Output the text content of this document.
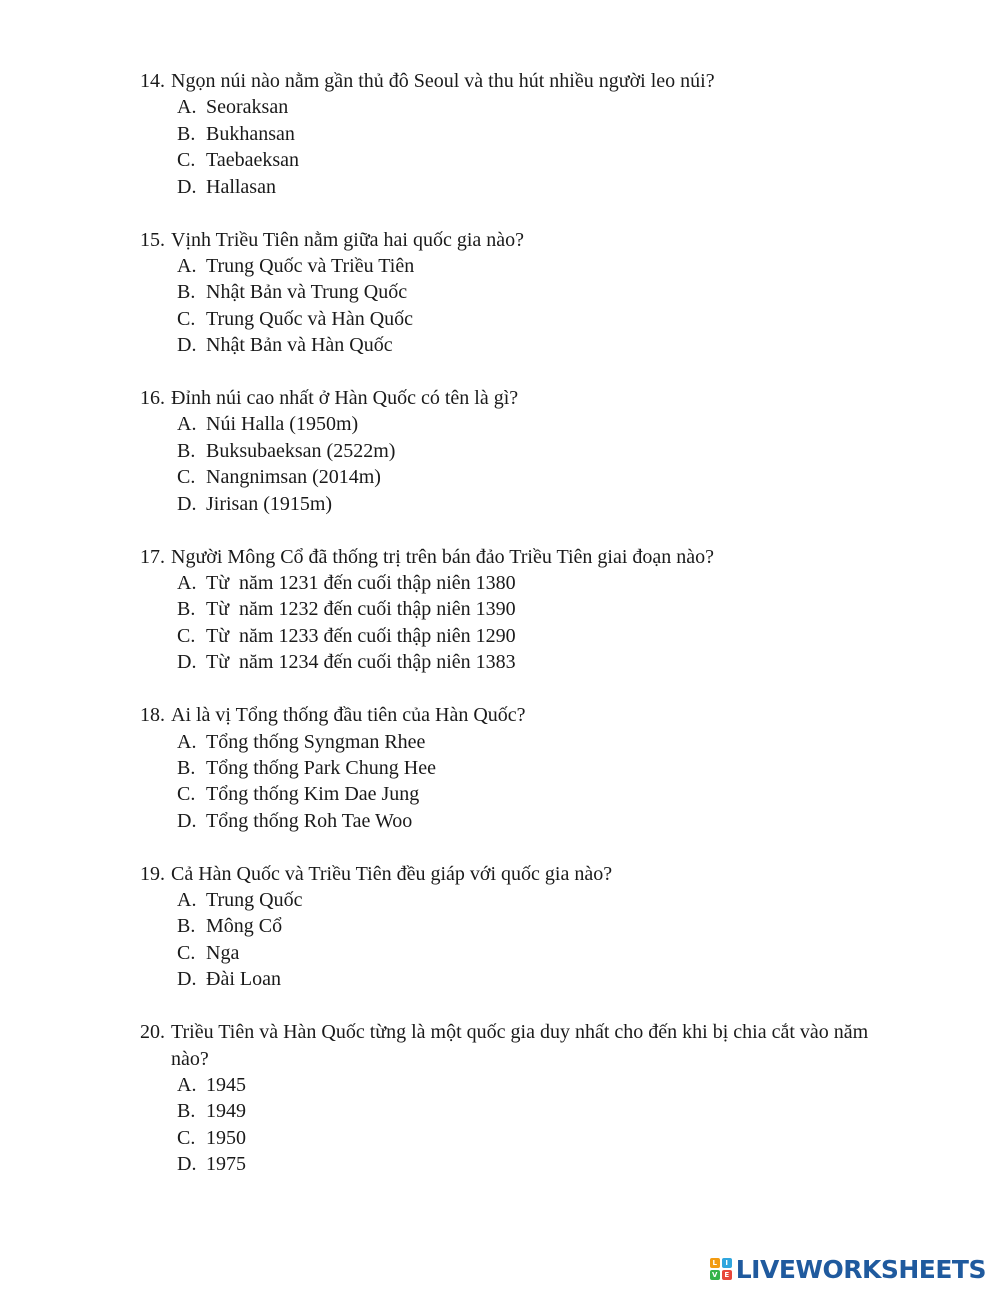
14. Ngọn núi nào nằm gần thủ đô Seoul và thu hút nhiều người leo núi?
A. Seoraksan
B. Bukhansan
C. Taebaeksan
D. Hallasan
15. Vịnh Triều Tiên nằm giữa hai quốc gia nào?
A. Trung Quốc và Triều Tiên
B. Nhật Bản và Trung Quốc
C. Trung Quốc và Hàn Quốc
D. Nhật Bản và Hàn Quốc
16. Đỉnh núi cao nhất ở Hàn Quốc có tên là gì?
A. Núi Halla (1950m)
B. Buksubaeksan (2522m)
C. Nangnimsan (2014m)
D. Jirisan (1915m)
17. Người Mông Cổ đã thống trị trên bán đảo Triều Tiên giai đoạn nào?
A. Từ  năm 1231 đến cuối thập niên 1380
B. Từ  năm 1232 đến cuối thập niên 1390
C. Từ  năm 1233 đến cuối thập niên 1290
D. Từ  năm 1234 đến cuối thập niên 1383
18. Ai là vị Tổng thống đầu tiên của Hàn Quốc?
A. Tổng thống Syngman Rhee
B. Tổng thống Park Chung Hee
C. Tổng thống Kim Dae Jung
D. Tổng thống Roh Tae Woo
19. Cả Hàn Quốc và Triều Tiên đều giáp với quốc gia nào?
A. Trung Quốc
B. Mông Cổ
C. Nga
D. Đài Loan
20. Triều Tiên và Hàn Quốc từng là một quốc gia duy nhất cho đến khi bị chia cắt vào năm nào?
A. 1945
B. 1949
C. 1950
D. 1975
L	I
V E LIVEWORKSHEETS
